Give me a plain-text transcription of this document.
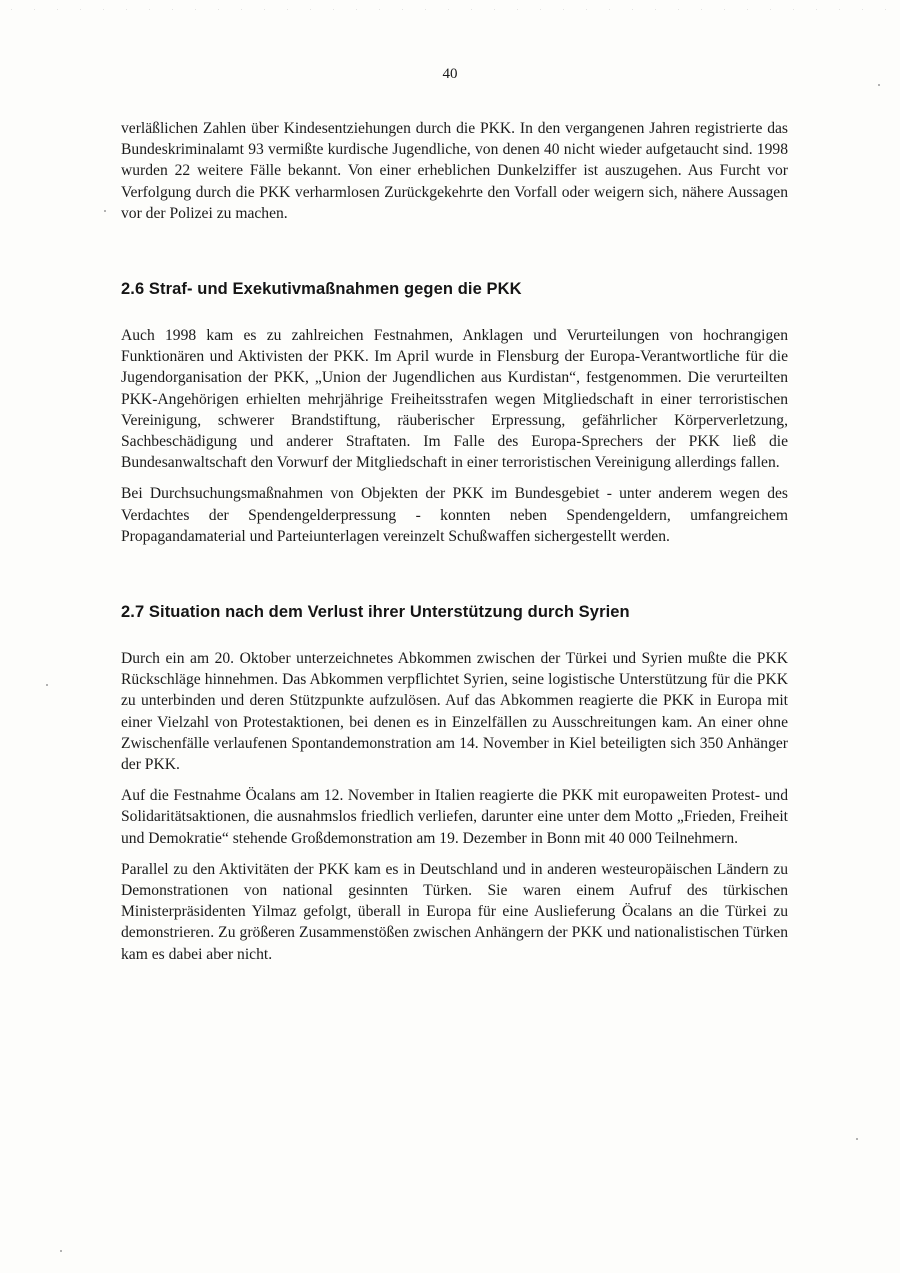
40

verläßlichen Zahlen über Kindesentziehungen durch die PKK. In den vergangenen Jahren registrierte das Bundeskriminalamt 93 vermißte kurdische Jugendliche, von denen 40 nicht wieder aufgetaucht sind. 1998 wurden 22 weitere Fälle bekannt. Von einer erheblichen Dunkelziffer ist auszugehen. Aus Furcht vor Verfolgung durch die PKK verharmlosen Zurückgekehrte den Vorfall oder weigern sich, nähere Aussagen vor der Polizei zu machen.

2.6 Straf- und Exekutivmaßnahmen gegen die PKK

Auch 1998 kam es zu zahlreichen Festnahmen, Anklagen und Verurteilungen von hochrangigen Funktionären und Aktivisten der PKK. Im April wurde in Flensburg der Europa-Verantwortliche für die Jugendorganisation der PKK, „Union der Jugendlichen aus Kurdistan“, festgenommen. Die verurteilten PKK-Angehörigen erhielten mehrjährige Freiheitsstrafen wegen Mitgliedschaft in einer terroristischen Vereinigung, schwerer Brandstiftung, räuberischer Erpressung, gefährlicher Körperverletzung, Sachbeschädigung und anderer Straftaten. Im Falle des Europa-Sprechers der PKK ließ die Bundesanwaltschaft den Vorwurf der Mitgliedschaft in einer terroristischen Vereinigung allerdings fallen.

Bei Durchsuchungsmaßnahmen von Objekten der PKK im Bundesgebiet - unter anderem wegen des Verdachtes der Spendengelderpressung - konnten neben Spendengeldern, umfangreichem Propagandamaterial und Parteiunterlagen vereinzelt Schußwaffen sichergestellt werden.

2.7 Situation nach dem Verlust ihrer Unterstützung durch Syrien

Durch ein am 20. Oktober unterzeichnetes Abkommen zwischen der Türkei und Syrien mußte die PKK Rückschläge hinnehmen. Das Abkommen verpflichtet Syrien, seine logistische Unterstützung für die PKK zu unterbinden und deren Stützpunkte aufzulösen. Auf das Abkommen reagierte die PKK in Europa mit einer Vielzahl von Protestaktionen, bei denen es in Einzelfällen zu Ausschreitungen kam. An einer ohne Zwischenfälle verlaufenen Spontandemonstration am 14. November in Kiel beteiligten sich 350 Anhänger der PKK.

Auf die Festnahme Öcalans am 12. November in Italien reagierte die PKK mit europaweiten Protest- und Solidaritätsaktionen, die ausnahmslos friedlich verliefen, darunter eine unter dem Motto „Frieden, Freiheit und Demokratie“ stehende Großdemonstration am 19. Dezember in Bonn mit 40 000 Teilnehmern.

Parallel zu den Aktivitäten der PKK kam es in Deutschland und in anderen westeuropäischen Ländern zu Demonstrationen von national gesinnten Türken. Sie waren einem Aufruf des türkischen Ministerpräsidenten Yilmaz gefolgt, überall in Europa für eine Auslieferung Öcalans an die Türkei zu demonstrieren. Zu größeren Zusammenstößen zwischen Anhängern der PKK und nationalistischen Türken kam es dabei aber nicht.
